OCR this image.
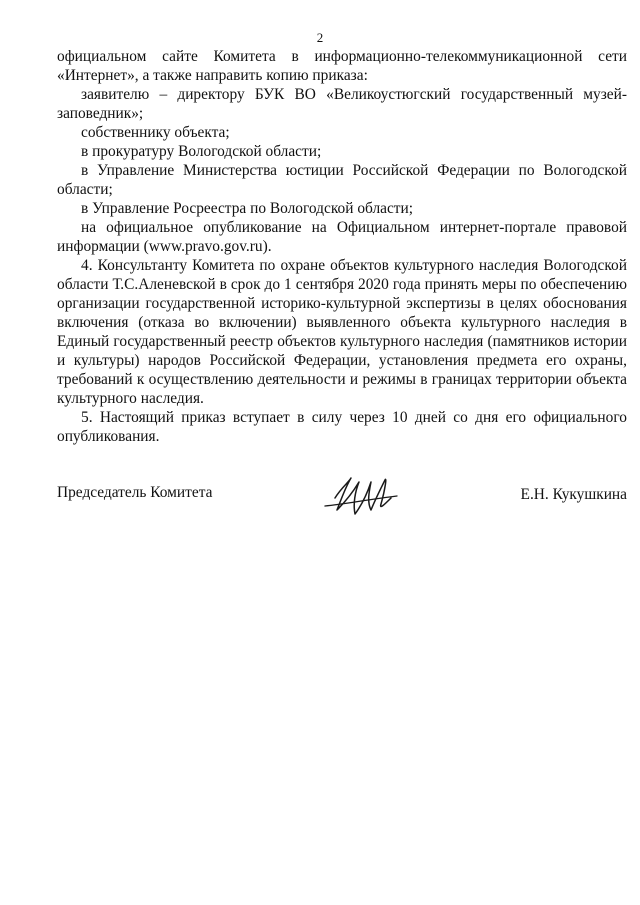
2

официальном сайте Комитета в информационно-телекоммуникационной сети «Интернет», а также направить копию приказа:

заявителю – директору БУК ВО «Великоустюгский государственный музей-заповедник»;

собственнику объекта;

в прокуратуру Вологодской области;

в Управление Министерства юстиции Российской Федерации по Вологодской области;

в Управление Росреестра по Вологодской области;

на официальное опубликование на Официальном интернет-портале правовой информации (www.pravo.gov.ru).

4. Консультанту Комитета по охране объектов культурного наследия Вологодской области Т.С.Аленевской в срок до 1 сентября 2020 года принять меры по обеспечению организации государственной историко-культурной экспертизы в целях обоснования включения (отказа во включении) выявленного объекта культурного наследия в Единый государственный реестр объектов культурного наследия (памятников истории и культуры) народов Российской Федерации, установления предмета его охраны, требований к осуществлению деятельности и режимы в границах территории объекта культурного наследия.

5. Настоящий приказ вступает в силу через 10 дней со дня его официального опубликования.

Председатель Комитета	Е.Н. Кукушкина
